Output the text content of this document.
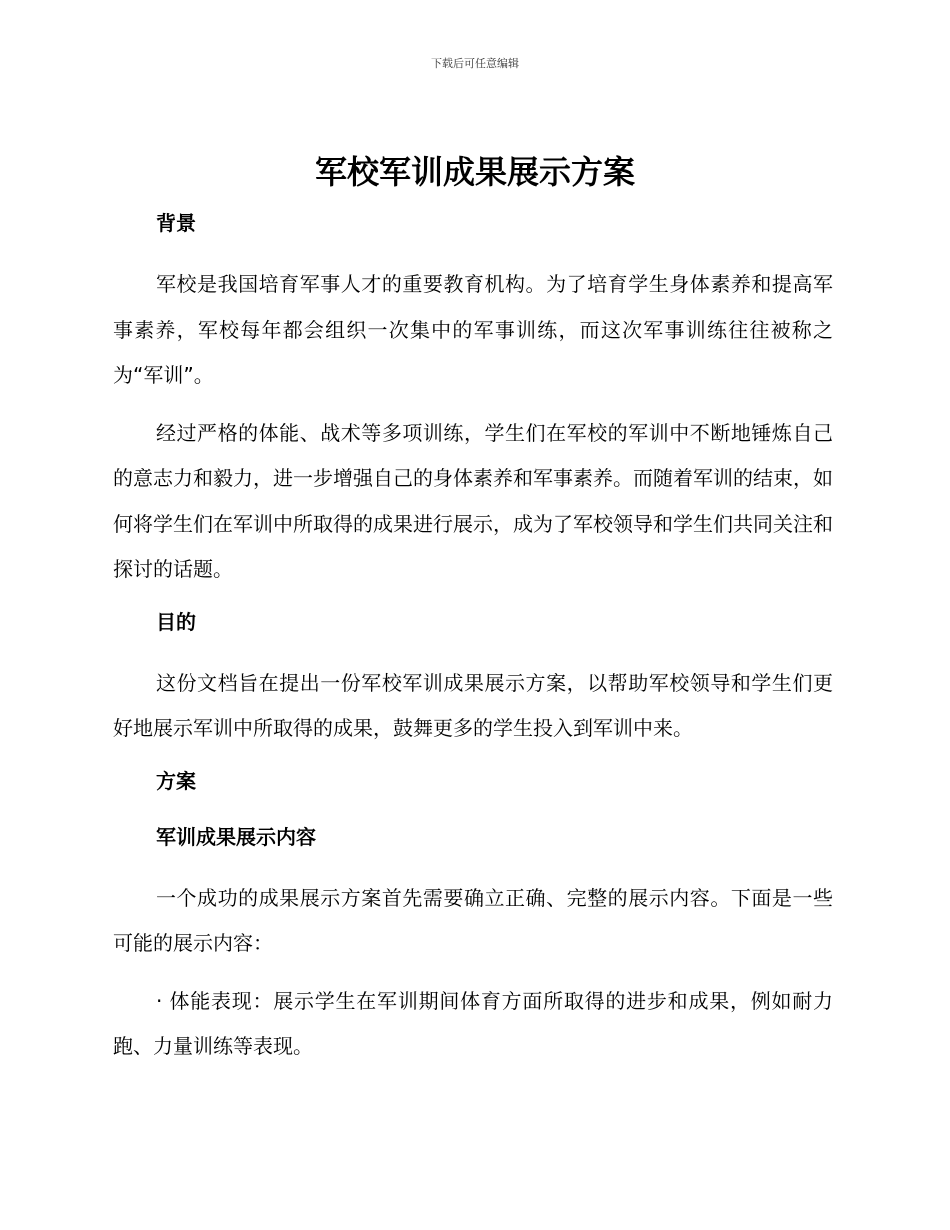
下载后可任意编辑
军校军训成果展示方案
背景

军校是我国培育军事人才的重要教育机构。为了培育学生身体素养和提高军事素养，军校每年都会组织一次集中的军事训练，而这次军事训练往往被称之为“军训”。

经过严格的体能、战术等多项训练，学生们在军校的军训中不断地锤炼自己的意志力和毅力，进一步增强自己的身体素养和军事素养。而随着军训的结束，如何将学生们在军训中所取得的成果进行展示，成为了军校领导和学生们共同关注和探讨的话题。

目的

这份文档旨在提出一份军校军训成果展示方案，以帮助军校领导和学生们更好地展示军训中所取得的成果，鼓舞更多的学生投入到军训中来。

方案
军训成果展示内容

一个成功的成果展示方案首先需要确立正确、完整的展示内容。下面是一些可能的展示内容：

· 体能表现：展示学生在军训期间体育方面所取得的进步和成果，例如耐力跑、力量训练等表现。
